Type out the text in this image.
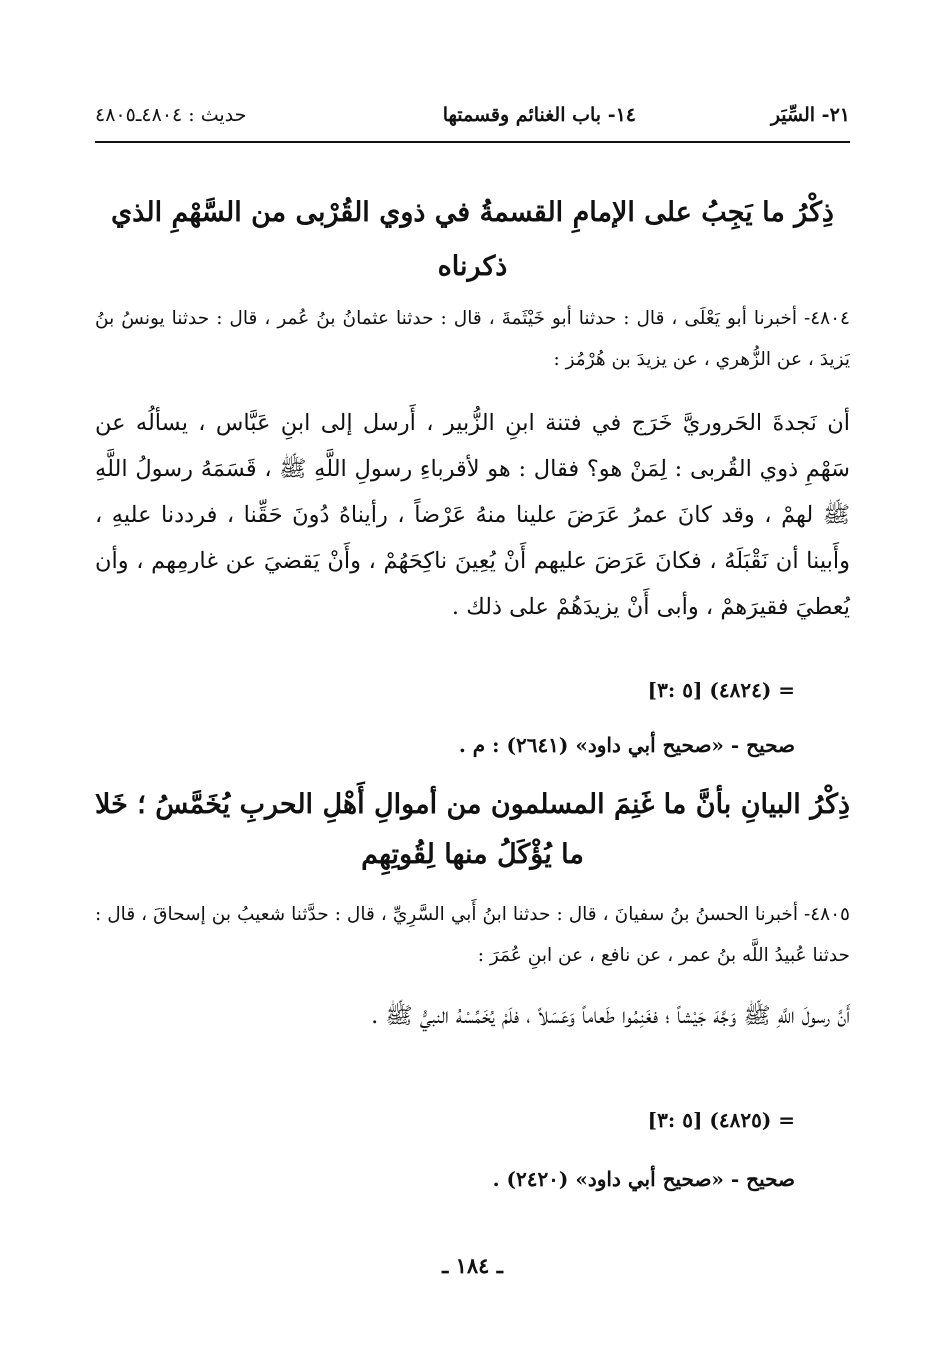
٢١- السِّيَر
١٤- باب الغنائم وقسمتها
حديث : ٤٨٠٤ـ٤٨٠٥
ذِكْرُ ما يَجِبُ على الإمامِ القسمةُ في ذوي القُرْبى من السَّهْمِ الذي ذكرناه
٤٨٠٤- أخبرنا أبو يَعْلَى ، قال : حدثنا أبو خَيْثَمةَ ، قال : حدثنا عثمانُ بنُ عُمر ، قال : حدثنا يونسُ بنُ يَزيدَ ، عن الزُّهري ، عن يزيدَ بن هُرْمُز :
أن نَجدةَ الحَروريَّ خَرَج في فتنة ابنِ الزُّبير ، أَرسل إلى ابنِ عَبَّاس ، يسألُه عن سَهْمِ ذوي القُربى : لِمَنْ هو؟ فقال : هو لأقرباءِ رسولِ اللَّهِ ﷺ ، قَسَمَهُ رسولُ اللَّهِ ﷺ لهمْ ، وقد كانَ عمرُ عَرَضَ علينا منهُ عَرْضاً ، رأيناهُ دُونَ حَقِّنا ، فرددنا عليهِ ، وأَبينا أن نَقْبَلَهُ ، فكانَ عَرَضَ عليهم أَنْ يُعِينَ ناكِحَهُمْ ، وأَنْ يَقضيَ عن غارمِهم ، وأن يُعطيَ فقيرَهمْ ، وأبى أَنْ يزيدَهُمْ على ذلك .
= (٤٨٢٤) [٥ :٣]
صحيح - «صحيح أبي داود» (٢٦٤١) : م .
ذِكْرُ البيانِ بأنَّ ما غَنِمَ المسلمون من أموالِ أَهْلِ الحربِ يُخَمَّسُ ؛ خَلا ما يُؤْكَلُ منها لِقُوتِهِم
٤٨٠٥- أخبرنا الحسنُ بنُ سفيانَ ، قال : حدثنا ابنُ أَبي السَّرِيِّ ، قال : حدَّثنا شعيبُ بن إسحاقَ ، قال : حدثنا عُبيدُ اللَّه بنُ عمر ، عن نافع ، عن ابنِ عُمَرَ :
أَنَّ رسولَ اللَّهِ ﷺ وَجَّهَ جَيْشاً ؛ فغَنِمُوا طَعاماً وَعَسَلاً ، فلَمْ يُخَمِّسْهُ النبيُّ ﷺ .
= (٤٨٢٥) [٥ :٣]
صحيح - «صحيح أبي داود» (٢٤٢٠) .
ـ ١٨٤ ـ
